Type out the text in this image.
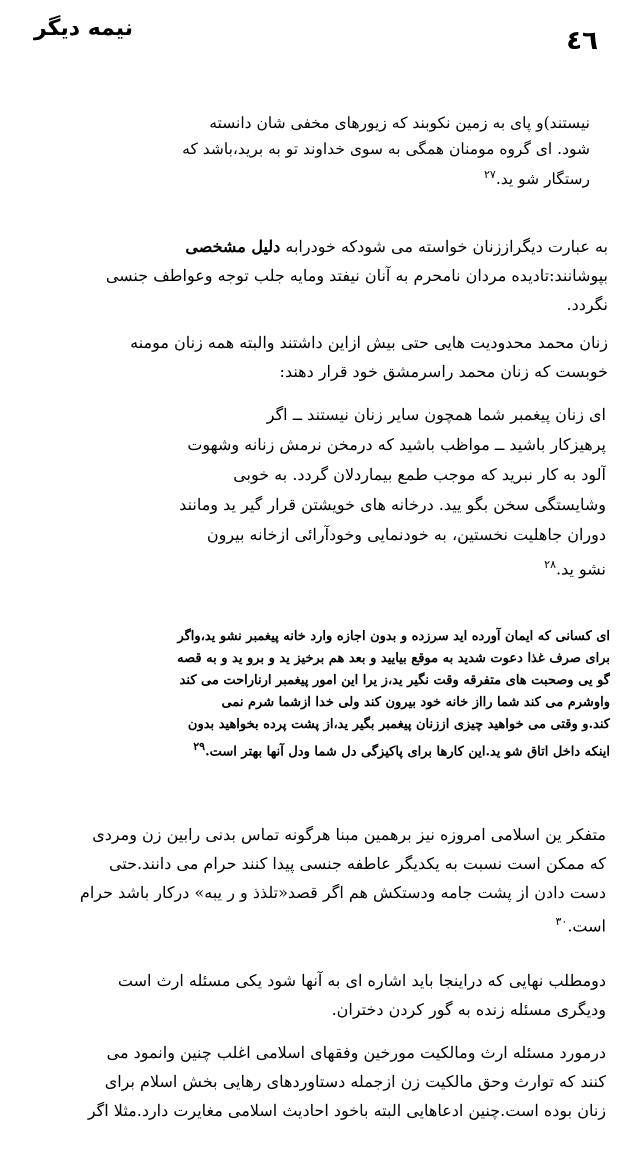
نیمه دیگر	٤٦
نیستند)و پای به زمین نکوبند که زیورهای مخفی شان دانسته
شود. ای گروه مومنان همگی به سوی خداوند تو به برید،باشد که
رستگار شو ید.$^{۲۷}$
به عبارت دیگراززنان خواسته می شودکه خودرابه دلیل مشخصی
بپوشانند:تادیده مردان نامحرم به آنان نیفتد ومایه جلب توجه وعواطف جنسی
نگردد.
زنان محمد محدودیت هایی حتی بیش ازاین داشتند والبته همه زنان مومنه
خوبست که زنان محمد راسرمشق خود قرار دهند:
ای زنان پیغمبر شما همچون سایر زنان نیستند ــ اگر
پرهیزکار باشید ــ مواظب باشید که درمخن نرمش زنانه وشهوت
آلود به کار نبرید که موجب طمع بیماردلان گردد. به خوبی
وشایستگی سخن بگو یید. درخانه های خویشتن قرار گیر ید ومانند
دوران جاهلیت نخستین، به خودنمایی وخودآرائی ازخانه بیرون
نشو ید.$^{۲۸}$
ای کسانی که ایمان آورده اید سرزده و بدون اجازه وارد خانه پیغمبر نشو ید،واگر
برای صرف غذا دعوت شدید به موقع بیایید و بعد هم برخیز ید و برو ید و به قصه
گو یی وصحبت های متفرقه وقت نگیر ید،ز یرا این امور پیغمبر ارناراحت می کند
واوشرم می کند شما رااز خانه خود بیرون کند ولی خدا ازشما شرم نمی
کند.و وقتی می خواهید چیزی اززنان پیغمبر بگیر ید،از پشت پرده بخواهید بدون
اینکه داخل اتاق شو ید.این کارها برای پاکیزگی دل شما ودل آنها بهتر است.$^{۲۹}$
متفکر ین اسلامی امروزه نیز برهمین مبنا هرگونه تماس بدنی رابین زن ومردی
که ممکن است نسبت به یکدیگر عاطفه جنسی پیدا کنند حرام می دانند.حتی
دست دادن از پشت جامه ودستکش هم اگر قصد«تلذذ و ر یبه» درکار باشد حرام
است.$^{۳۰}$
دومطلب نهایی که دراینجا باید اشاره ای به آنها شود یکی مسئله ارث است
ودیگری مسئله زنده به گور کردن دختران.
درمورد مسئله ارث ومالکیت مورخین وفقهای اسلامی اغلب چنین وانمود می
کنند که توارث وحق مالکیت زن ازجمله دستاوردهای رهایی بخش اسلام برای
زنان بوده است.چنین ادعاهایی البته باخود احادیث اسلامی مغایرت دارد.مثلا اگر
